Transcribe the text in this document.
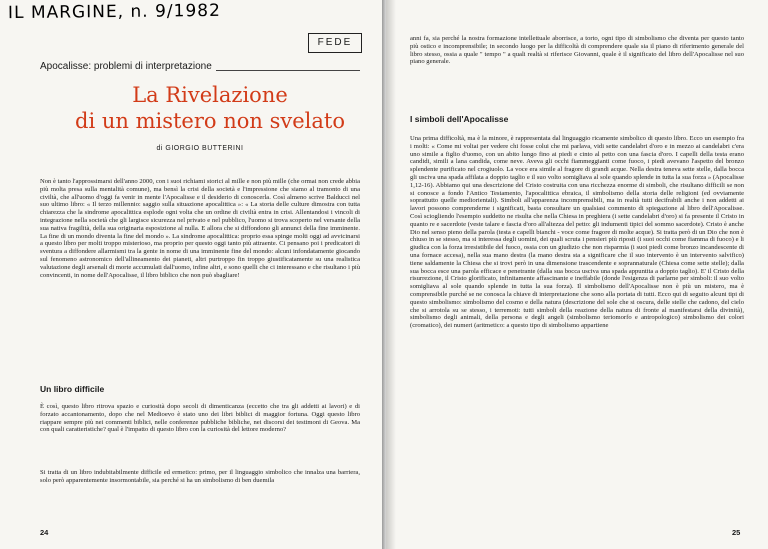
IL MARGINE, n. 9/1982
FEDE
Apocalisse: problemi di interpretazione
La Rivelazione
di un mistero non svelato
di GIORGIO BUTTERINI

Non è tanto l'approssimarsi dell'anno 2000, con i suoi richiami storici al mille e non più mille (che ormai non crede abbia più molta presa sulla mentalità comune), ma bensì la crisi della società e l'impressione che siamo al tramonto di una civiltà, che all'uomo d'oggi fa venir in mente l'Apocalisse e il desiderio di conoscerla. Così almeno scrive Balducci nel suo ultimo libro: « Il terzo millennio: saggio sulla situazione apocalittica »: « La storia delle culture dimostra con tutta chiarezza che la sindrome apocalittica esplode ogni volta che un ordine di civiltà entra in crisi. Allentandosi i vincoli di integrazione nella società che gli largisce sicurezza nel privato e nel pubblico, l'uomo si trova scoperto nel versante della sua nativa fragilità, della sua originaria esposizione al nulla. E allora che si diffondono gli annunci della fine imminente. La fine di un mondo diventa la fine del mondo ». La sindrome apocalittica: proprio essa spinge molti oggi ad avvicinarsi a questo libro per molti troppo misterioso, ma proprio per questo oggi tanto più attraente. Ci pensano poi i predicatori di sventura a diffondere allarmismi tra la gente in nome di una imminente fine del mondo: alcuni infondatamente giocando sul fenomeno astronomico dell'allineamento dei pianeti, altri purtroppo fin troppo giustificatamente su una realistica valutazione degli arsenali di morte accumulati dall'uomo, infine altri, e sono quelli che ci interessano e che risultano i più convincenti, in nome dell'Apocalisse, il libro biblico che non può sbagliare!

Un libro difficile

È così, questo libro ritrova spazio e curiosità dopo secoli di dimenticanza (eccetto che tra gli addetti ai lavori) e di forzato accantonamento, dopo che nel Medioevo è stato uno dei libri biblici di maggior fortuna. Oggi questo libro riappare sempre più nei commenti biblici, nelle conferenze pubbliche bibliche, nei discorsi dei testimoni di Geova. Ma con quali caratteristiche? qual è l'impatto di questo libro con la curiosità del lettore moderno?

Si tratta di un libro indubitabilmente difficile ed ermetico: primo, per il linguaggio simbolico che innalza una barriera, solo però apparentemente insormontabile, sia perché si ha un simbolismo di ben duemila

24

anni fa, sia perché la nostra formazione intellettuale aborrisce, a torto, ogni tipo di simbolismo che diventa per questo tanto più ostico e incomprensibile; in secondo luogo per la difficoltà di comprendere quale sia il piano di riferimento generale del libro stesso, ossia a quale " tempo " a quali realtà si riferisce Giovanni, quale è il significato del libro dell'Apocalisse nel suo piano generale.

I simboli dell'Apocalisse

Una prima difficoltà, ma è la minore, è rappresentata dal linguaggio ricamente simbolico di questo libro. Ecco un esempio fra i molti: « Come mi voltai per vedere chi fosse colui che mi parlava, vidi sette candelabri d'oro e in mezzo ai candelabri c'era uno simile a figlio d'uomo, con un abito lungo fino ai piedi e cinto al petto con una fascia d'oro. I capelli della testa erano candidi, simili a lana candida, come neve. Aveva gli occhi fiammeggianti come fuoco, i piedi avevano l'aspetto del bronzo splendente purificato nel crogiuolo. La voce era simile al fragore di grandi acque. Nella destra teneva sette stelle, dalla bocca gli usciva una spada affilata a doppio taglio e il suo volto somigliava al sole quando splende in tutta la sua forza » (Apocalisse 1,12-16). Abbiamo qui una descrizione del Cristo costruita con una ricchezza enorme di simboli, che risultano difficili se non si conosce a fondo l'Antico Testamento, l'apocalittica ebraica, il simbolismo della storia delle religioni (ed ovviamente soprattutto quelle mediorientali). Simboli all'apparenza incomprensibili, ma in realtà tutti decifrabili anche i non addetti ai lavori possono comprenderne i significati, basta consultare un qualsiasi commento di spiegazione al libro dell'Apocalisse. Così sciogliendo l'esempio suddetto ne risulta che nella Chiesa in preghiera (i sette candelabri d'oro) si fa presente il Cristo in quanto re e sacerdote (veste talare e fascia d'oro all'altezza del petto: gli indumenti tipici del sommo sacerdote). Cristo è anche Dio nel senso pieno della parola (testa e capelli bianchi - voce come fragore di molte acque). Si tratta però di un Dio che non è chiuso in se stesso, ma si interessa degli uomini, dei quali scruta i pensieri più riposti (i suoi occhi come fiamma di fuoco) e li giudica con la forza irresistibile del fuoco, ossia con un giudizio che non risparmia (i suoi piedi come bronzo incandescente di una fornace accesa), nella sua mano destra (la mano destra sta a significare che il suo intervento è un intervento salvifico) tiene saldamente la Chiesa che si trovi però in una dimensione trascendente e soprannaturale (Chiesa come sette stelle); dalla sua bocca esce una parola efficace e penetrante (dalla sua bocca usciva una spada appuntita a doppio taglio). E' il Cristo della risurrezione, il Cristo glorificato, infinitamente affascinante e ineffabile (donde l'esigenza di parlarne per simboli: il suo volto somigliava al sole quando splende in tutta la sua forza). Il simbolismo dell'Apocalisse non è più un mistero, ma è comprensibile purché se ne conosca la chiave di interpretazione che sono alla portata di tutti. Ecco qui di seguito alcuni tipi di questo simbolismo: simbolismo del cosmo e della natura (descrizione del sole che si oscura, delle stelle che cadono, del cielo che si arrotola su se stesso, i terremoti: tutti simboli della reazione della natura di fronte al manifestarsi della divinità), simbolismo degli animali, della persona e degli angeli (simbolismo teriomorfo e antropologico) simbolismo dei colori (cromatico), dei numeri (aritmetico: a questo tipo di simbolismo appartiene

25
